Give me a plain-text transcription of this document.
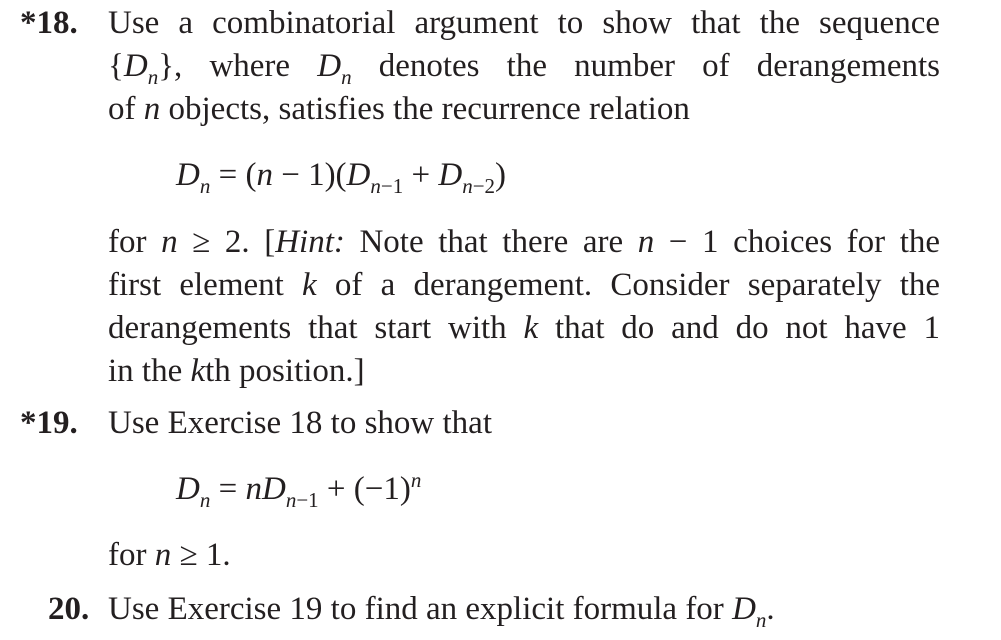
*18. Use a combinatorial argument to show that the sequence
$\{D_n\}$, where $D_n$ denotes the number of derangements
of n objects, satisfies the recurrence relation
$D_n = (n - 1)(D_{n-1} + D_{n-2})$
for n ≥ 2. [Hint: Note that there are n − 1 choices for the
first element k of a derangement. Consider separately the
derangements that start with k that do and do not have 1
in the kth position.]
*19. Use Exercise 18 to show that
$D_n = nD_{n-1} + (-1)^n$
for n ≥ 1.
20. Use Exercise 19 to find an explicit formula for $D_n$.
